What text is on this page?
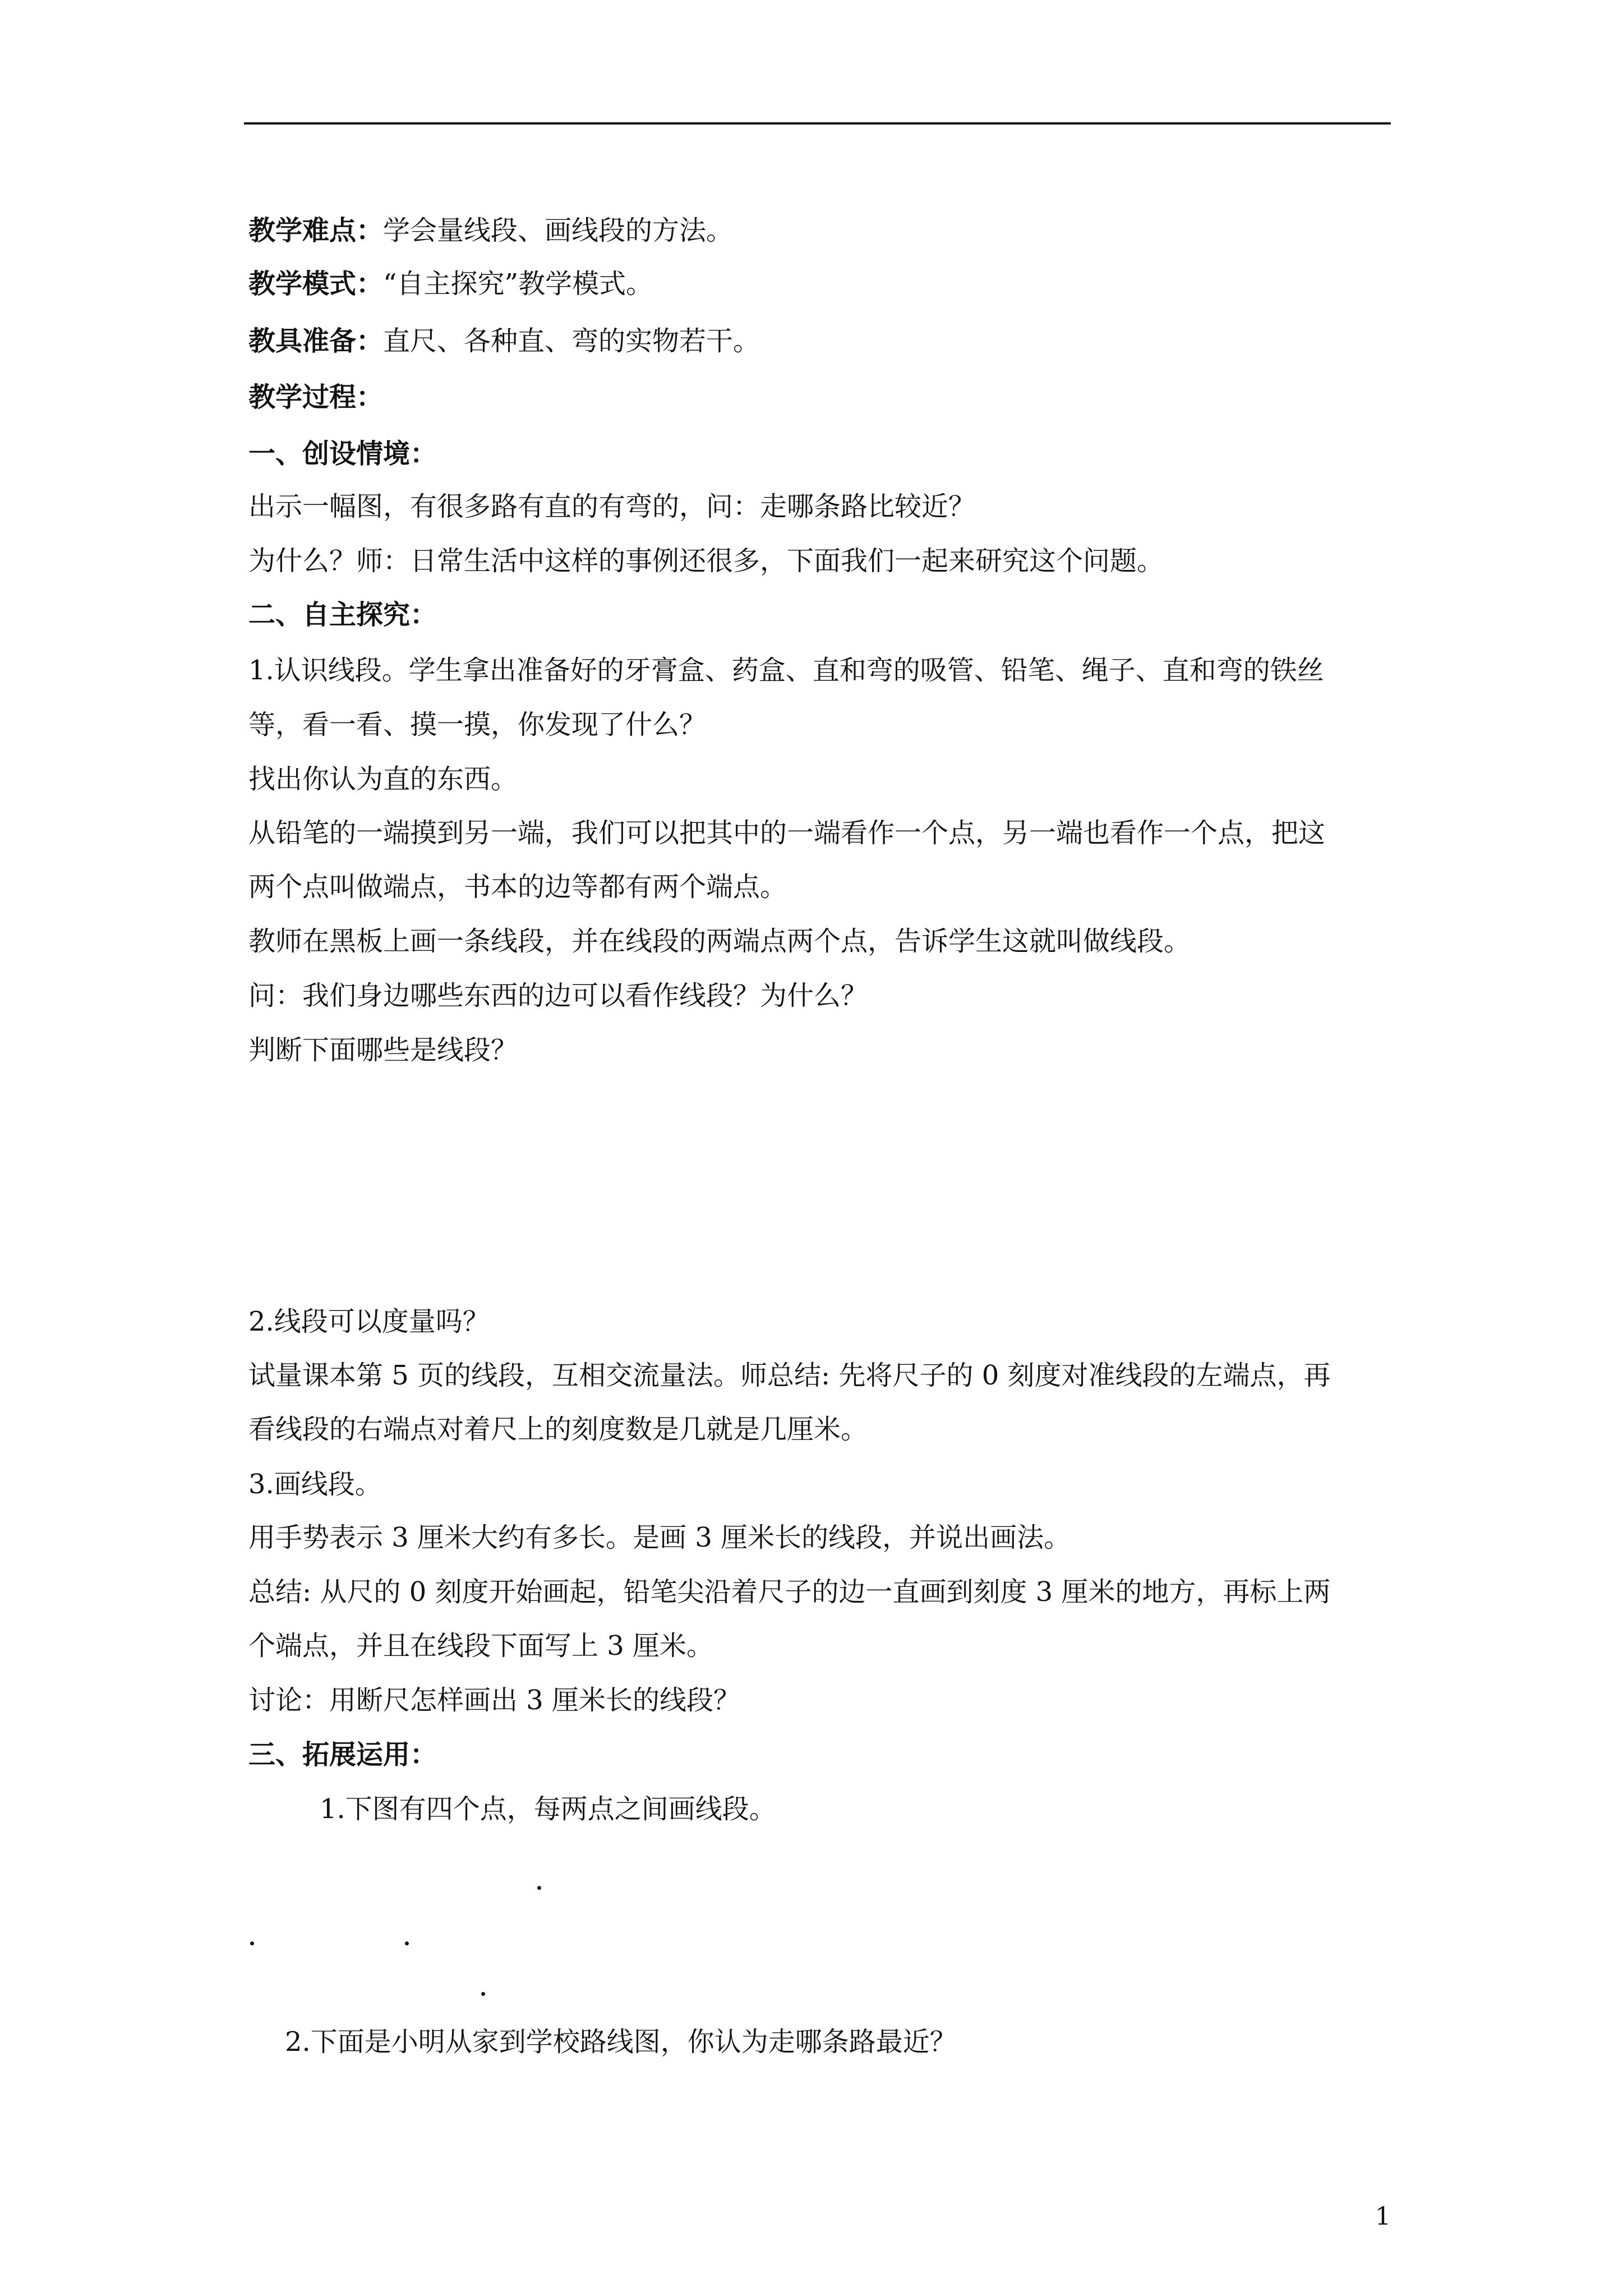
教学难点：学会量线段、画线段的方法。
教学模式：“自主探究”教学模式。
教具准备：直尺、各种直、弯的实物若干。
教学过程：
一、创设情境：
出示一幅图，有很多路有直的有弯的，问：走哪条路比较近？
为什么？师：日常生活中这样的事例还很多，下面我们一起来研究这个问题。
二、自主探究：
1.认识线段。学生拿出准备好的牙膏盒、药盒、直和弯的吸管、铅笔、绳子、直和弯的铁丝
等，看一看、摸一摸，你发现了什么？
找出你认为直的东西。
从铅笔的一端摸到另一端，我们可以把其中的一端看作一个点，另一端也看作一个点，把这
两个点叫做端点，书本的边等都有两个端点。
教师在黑板上画一条线段，并在线段的两端点两个点，告诉学生这就叫做线段。
问：我们身边哪些东西的边可以看作线段？为什么？
判断下面哪些是线段？
2.线段可以度量吗？
试量课本第 5 页的线段，互相交流量法。师总结: 先将尺子的 0 刻度对准线段的左端点，再
看线段的右端点对着尺上的刻度数是几就是几厘米。
3.画线段。
用手势表示 3 厘米大约有多长。是画 3 厘米长的线段，并说出画法。
总结: 从尺的 0 刻度开始画起，铅笔尖沿着尺子的边一直画到刻度 3 厘米的地方，再标上两
个端点，并且在线段下面写上 3 厘米。
讨论：用断尺怎样画出 3 厘米长的线段？
三、拓展运用：
1.下图有四个点，每两点之间画线段。
2.下面是小明从家到学校路线图，你认为走哪条路最近？
1
